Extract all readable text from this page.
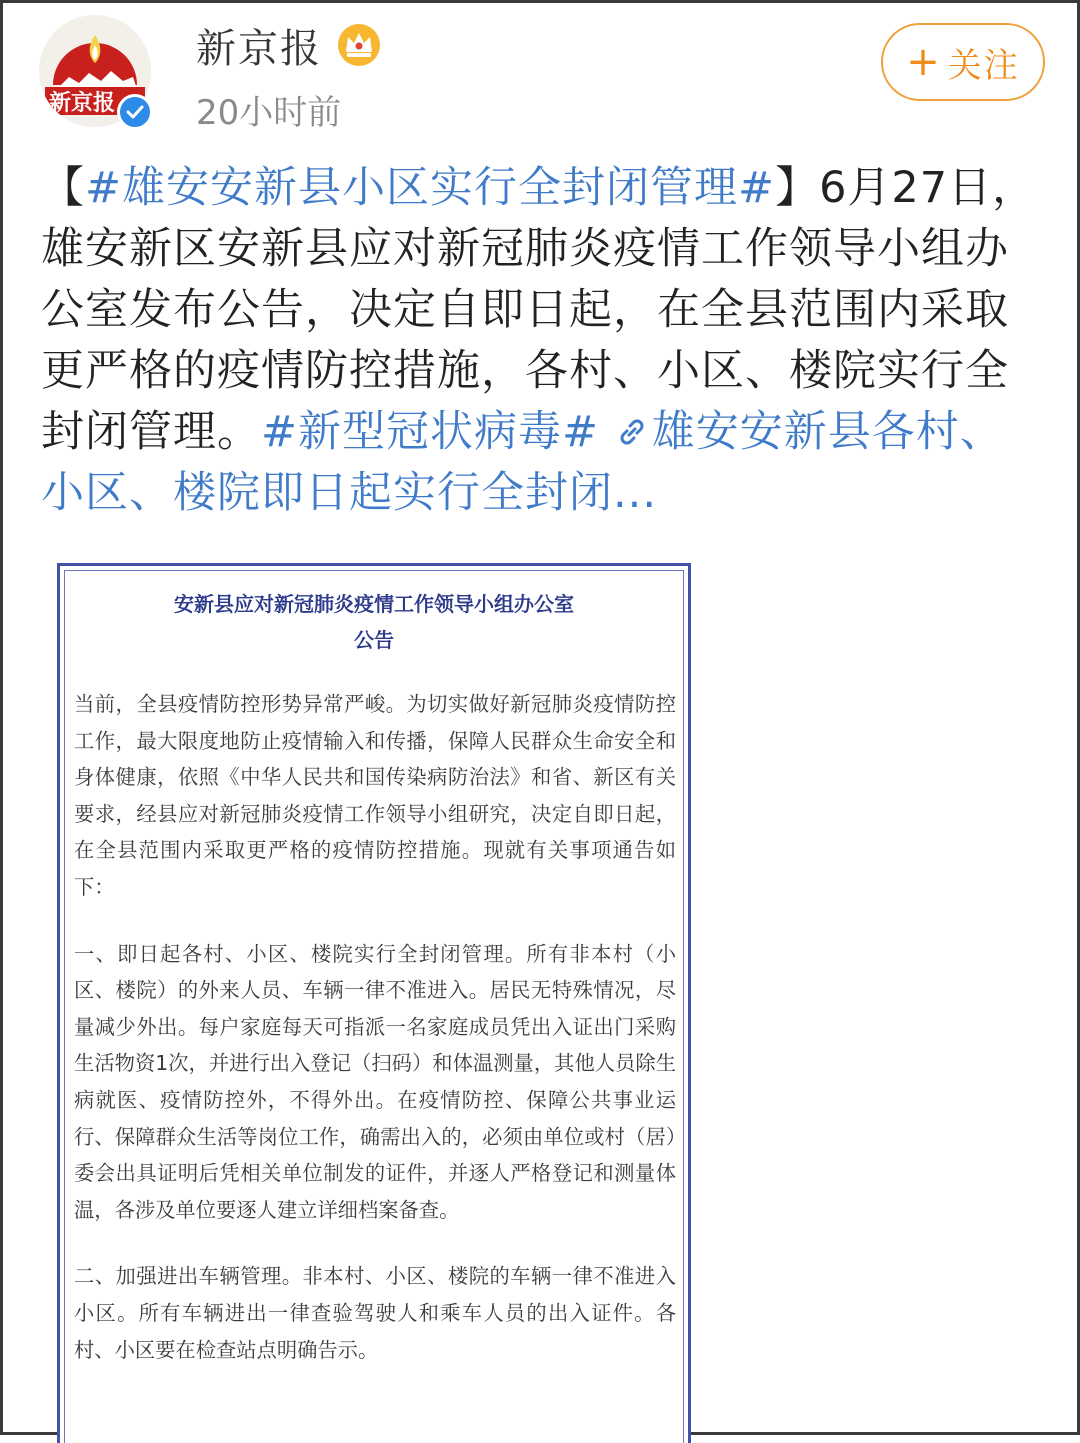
新京报
新京报
20小时前
+ 关注
【#雄安安新县小区实行全封闭管理#】6月27日，雄安新区安新县应对新冠肺炎疫情工作领导小组办公室发布公告，决定自即日起，在全县范围内采取更严格的疫情防控措施，各村、小区、楼院实行全封闭管理。#新型冠状病毒# 雄安安新县各村、小区、楼院即日起实行全封闭...
安新县应对新冠肺炎疫情工作领导小组办公室
公告

当前，全县疫情防控形势异常严峻。为切实做好新冠肺炎疫情防控工作，最大限度地防止疫情输入和传播，保障人民群众生命安全和身体健康，依照《中华人民共和国传染病防治法》和省、新区有关要求，经县应对新冠肺炎疫情工作领导小组研究，决定自即日起，在全县范围内采取更严格的疫情防控措施。现就有关事项通告如下：

一、即日起各村、小区、楼院实行全封闭管理。所有非本村（小区、楼院）的外来人员、车辆一律不准进入。居民无特殊情况，尽量减少外出。每户家庭每天可指派一名家庭成员凭出入证出门采购生活物资1次，并进行出入登记（扫码）和体温测量，其他人员除生病就医、疫情防控外，不得外出。在疫情防控、保障公共事业运行、保障群众生活等岗位工作，确需出入的，必须由单位或村（居）委会出具证明后凭相关单位制发的证件，并逐人严格登记和测量体温，各涉及单位要逐人建立详细档案备查。

二、加强进出车辆管理。非本村、小区、楼院的车辆一律不准进入小区。所有车辆进出一律查验驾驶人和乘车人员的出入证件。各村、小区要在检查站点明确告示。
